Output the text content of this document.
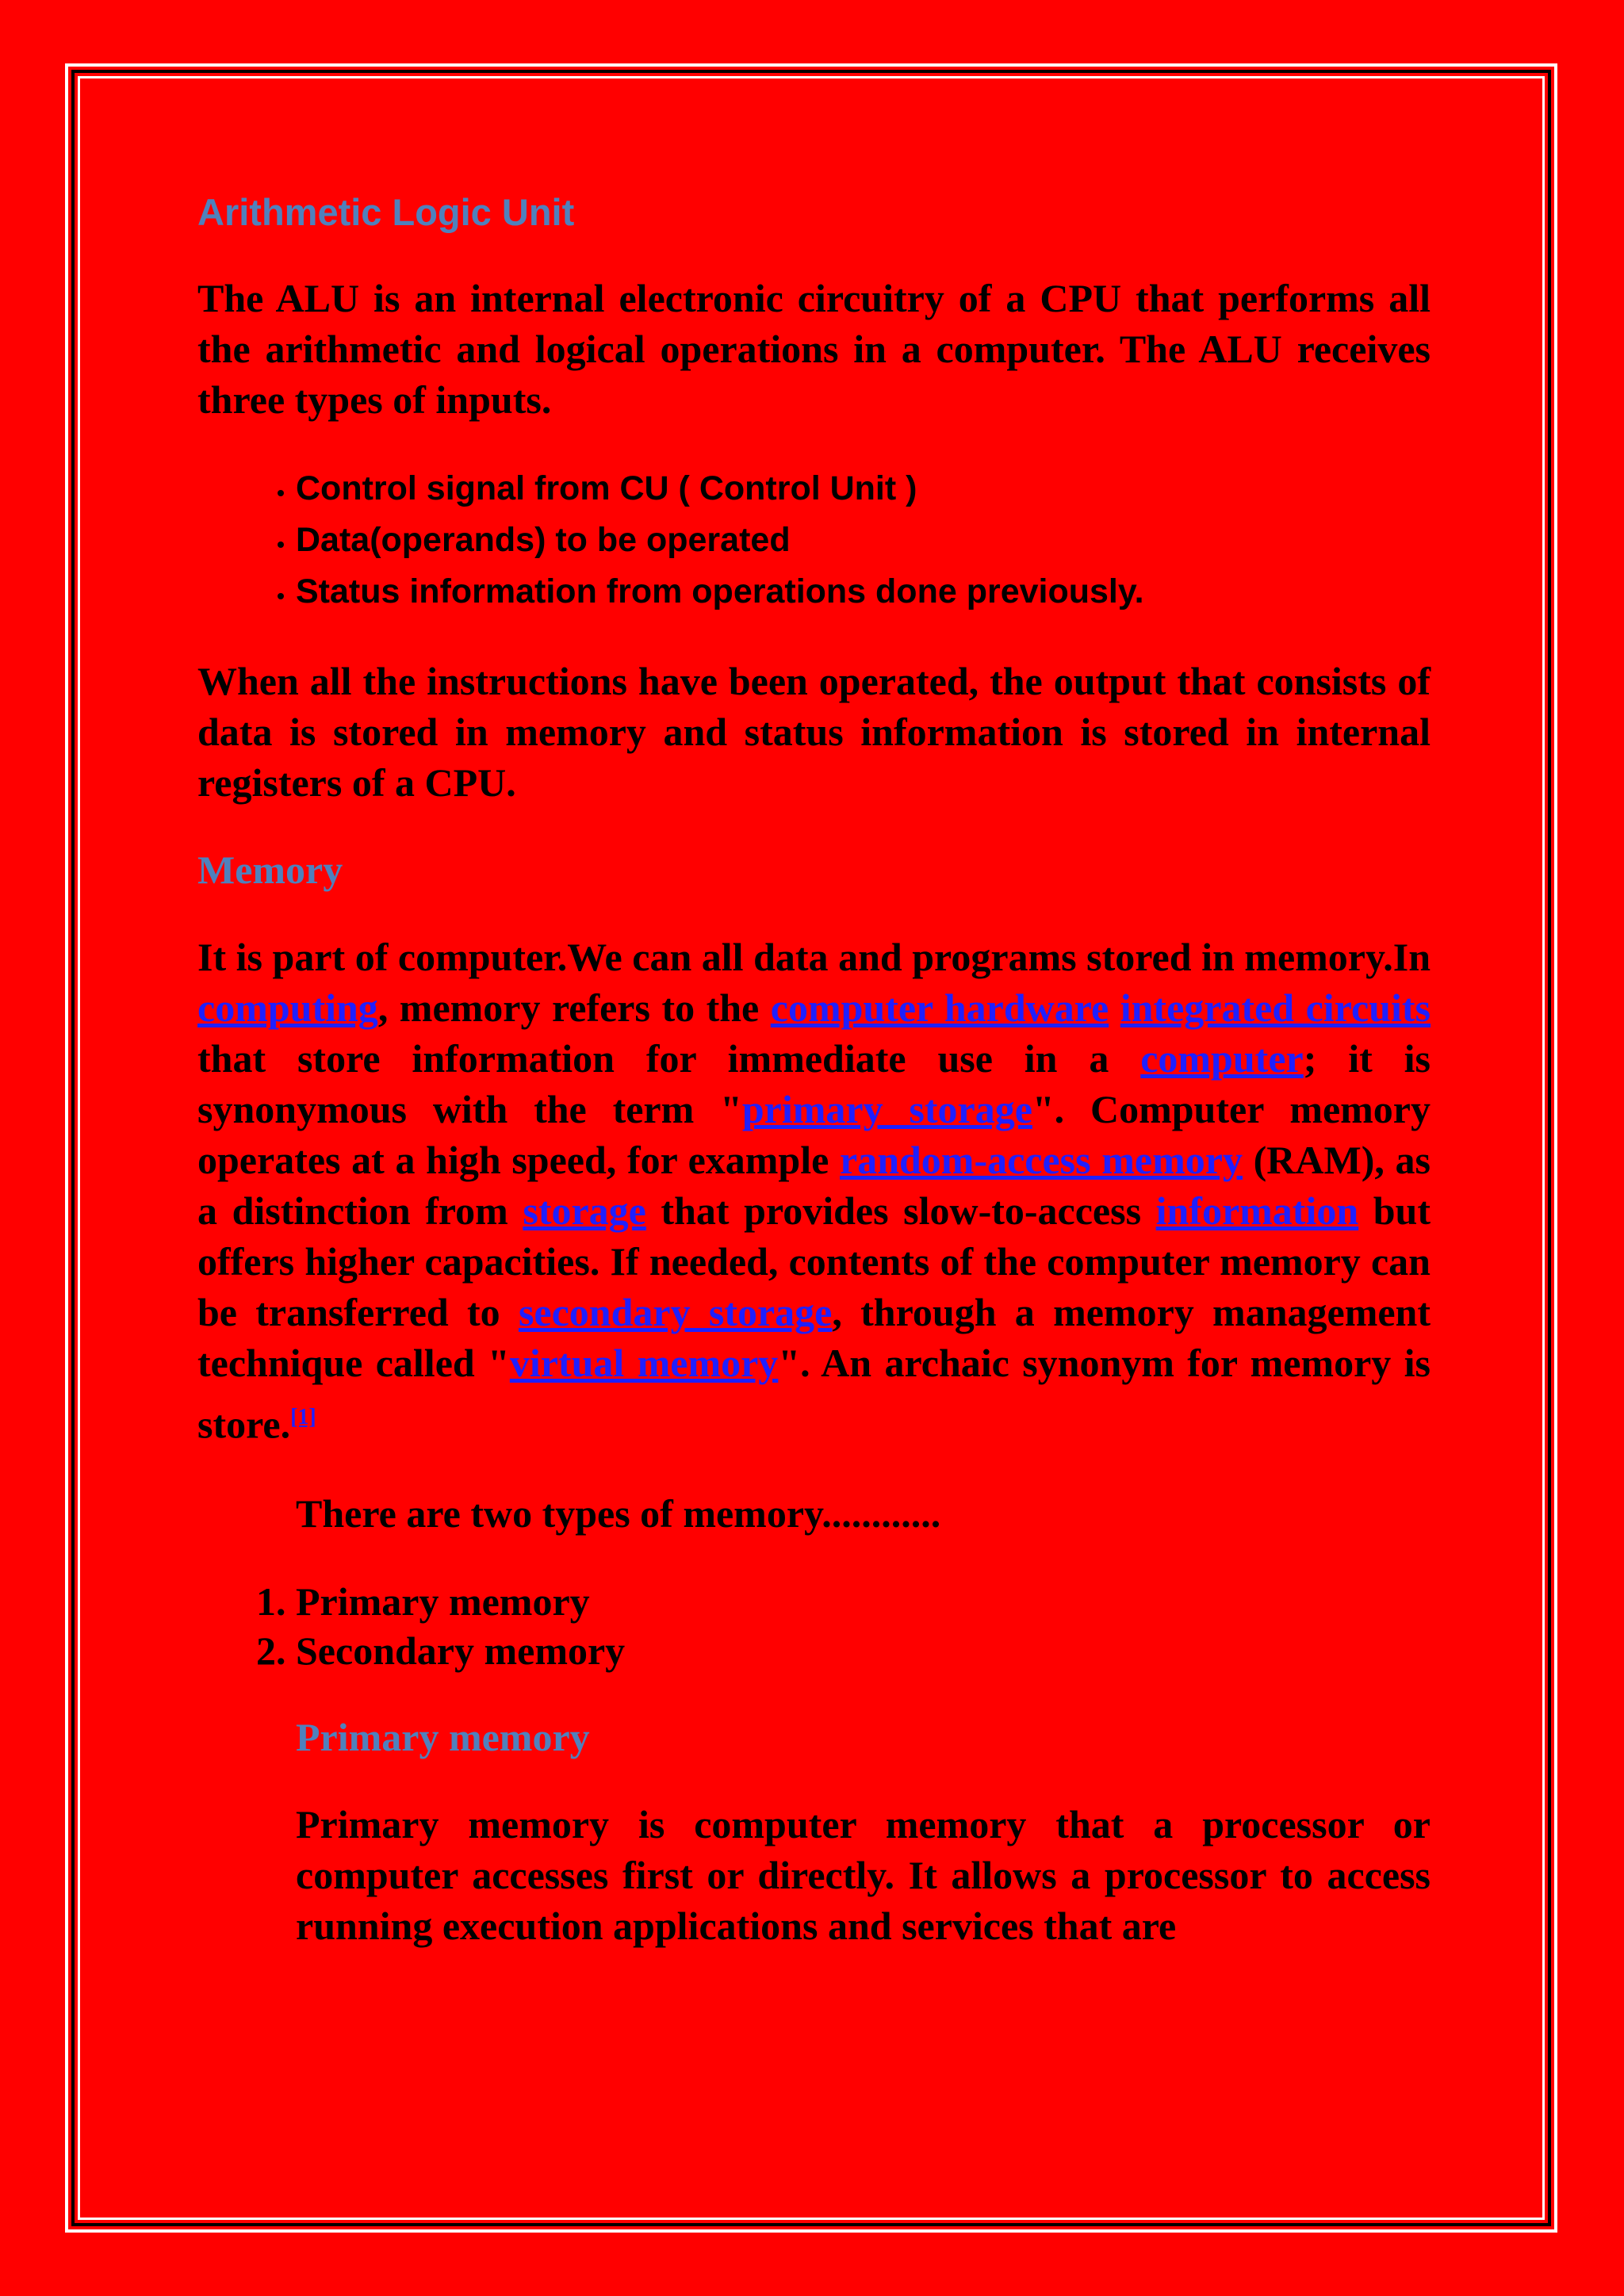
Arithmetic Logic Unit

The ALU is an internal electronic circuitry of a CPU that performs all the arithmetic and logical operations in a computer. The ALU receives three types of inputs.

• Control signal from CU ( Control Unit )
• Data(operands) to be operated
• Status information from operations done previously.

When all the instructions have been operated, the output that consists of data is stored in memory and status information is stored in internal registers of a CPU.

Memory

It is part of computer.We can all data and programs stored in memory.In computing, memory refers to the computer hardware integrated circuits that store information for immediate use in a computer; it is synonymous with the term "primary storage". Computer memory operates at a high speed, for example random-access memory (RAM), as a distinction from storage that provides slow-to-access information but offers higher capacities. If needed, contents of the computer memory can be transferred to secondary storage, through a memory management technique called "virtual memory". An archaic synonym for memory is store.[1]

There are two types of memory............

1. Primary memory
2. Secondary memory
Primary memory

Primary memory is computer memory that a processor or computer accesses first or directly. It allows a processor to access running execution applications and services that are
